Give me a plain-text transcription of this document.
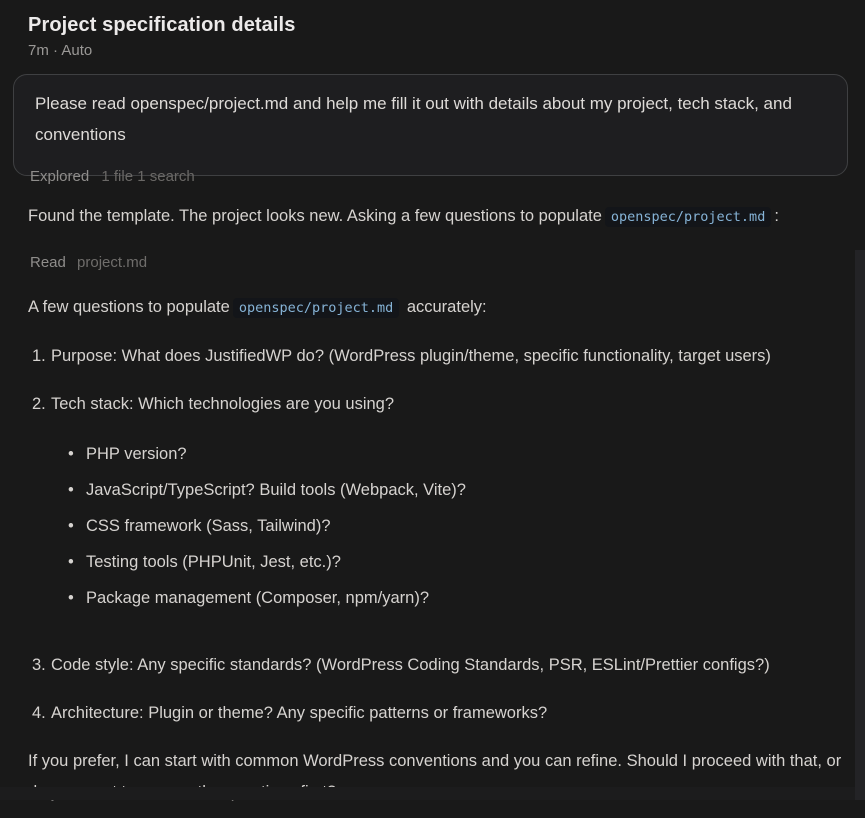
Project specification details
7m · Auto
Please read openspec/project.md and help me fill it out with details about my project, tech stack, and conventions
Explored 1 file 1 search
Found the template. The project looks new. Asking a few questions to populate openspec/project.md :
Read project.md
A few questions to populate openspec/project.md accurately:
1. Purpose: What does JustifiedWP do? (WordPress plugin/theme, specific functionality, target users)
2. Tech stack: Which technologies are you using?
• PHP version?
• JavaScript/TypeScript? Build tools (Webpack, Vite)?
• CSS framework (Sass, Tailwind)?
• Testing tools (PHPUnit, Jest, etc.)?
• Package management (Composer, npm/yarn)?
3. Code style: Any specific standards? (WordPress Coding Standards, PSR, ESLint/Prettier configs?)
4. Architecture: Plugin or theme? Any specific patterns or frameworks?
If you prefer, I can start with common WordPress conventions and you can refine. Should I proceed with that, or
